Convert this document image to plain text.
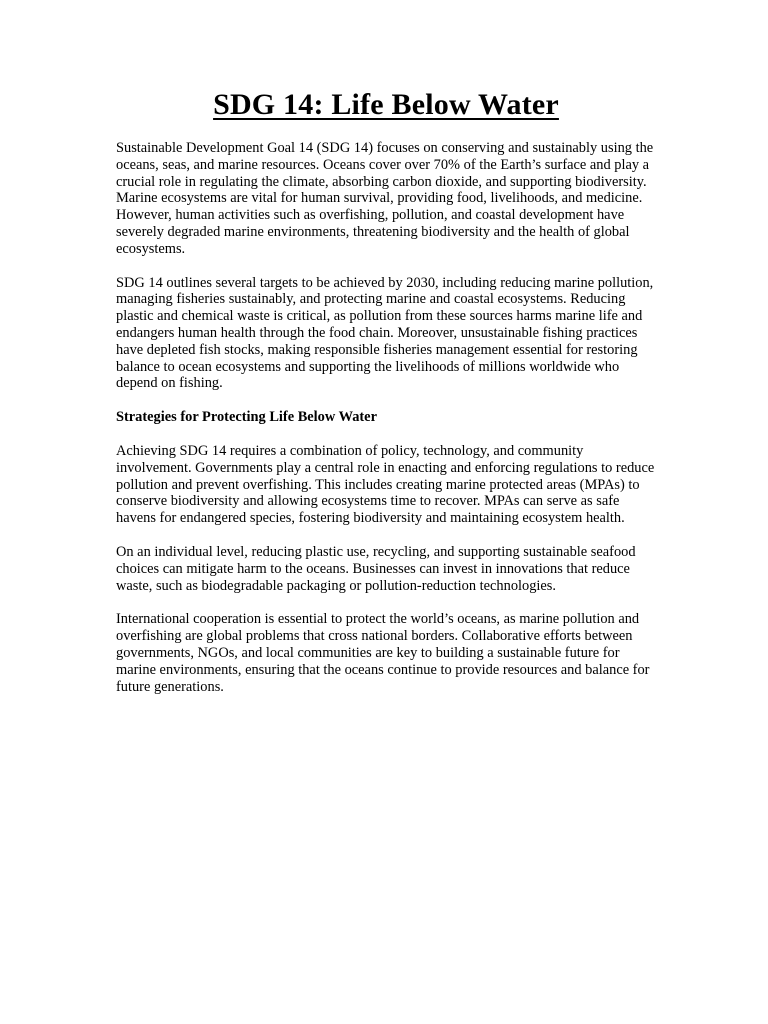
SDG 14: Life Below Water

Sustainable Development Goal 14 (SDG 14) focuses on conserving and sustainably using the oceans, seas, and marine resources. Oceans cover over 70% of the Earth’s surface and play a crucial role in regulating the climate, absorbing carbon dioxide, and supporting biodiversity. Marine ecosystems are vital for human survival, providing food, livelihoods, and medicine. However, human activities such as overfishing, pollution, and coastal development have severely degraded marine environments, threatening biodiversity and the health of global ecosystems.

SDG 14 outlines several targets to be achieved by 2030, including reducing marine pollution, managing fisheries sustainably, and protecting marine and coastal ecosystems. Reducing plastic and chemical waste is critical, as pollution from these sources harms marine life and endangers human health through the food chain. Moreover, unsustainable fishing practices have depleted fish stocks, making responsible fisheries management essential for restoring balance to ocean ecosystems and supporting the livelihoods of millions worldwide who depend on fishing.

Strategies for Protecting Life Below Water

Achieving SDG 14 requires a combination of policy, technology, and community involvement. Governments play a central role in enacting and enforcing regulations to reduce pollution and prevent overfishing. This includes creating marine protected areas (MPAs) to conserve biodiversity and allowing ecosystems time to recover. MPAs can serve as safe havens for endangered species, fostering biodiversity and maintaining ecosystem health.

On an individual level, reducing plastic use, recycling, and supporting sustainable seafood choices can mitigate harm to the oceans. Businesses can invest in innovations that reduce waste, such as biodegradable packaging or pollution-reduction technologies.

International cooperation is essential to protect the world’s oceans, as marine pollution and overfishing are global problems that cross national borders. Collaborative efforts between governments, NGOs, and local communities are key to building a sustainable future for marine environments, ensuring that the oceans continue to provide resources and balance for future generations.
